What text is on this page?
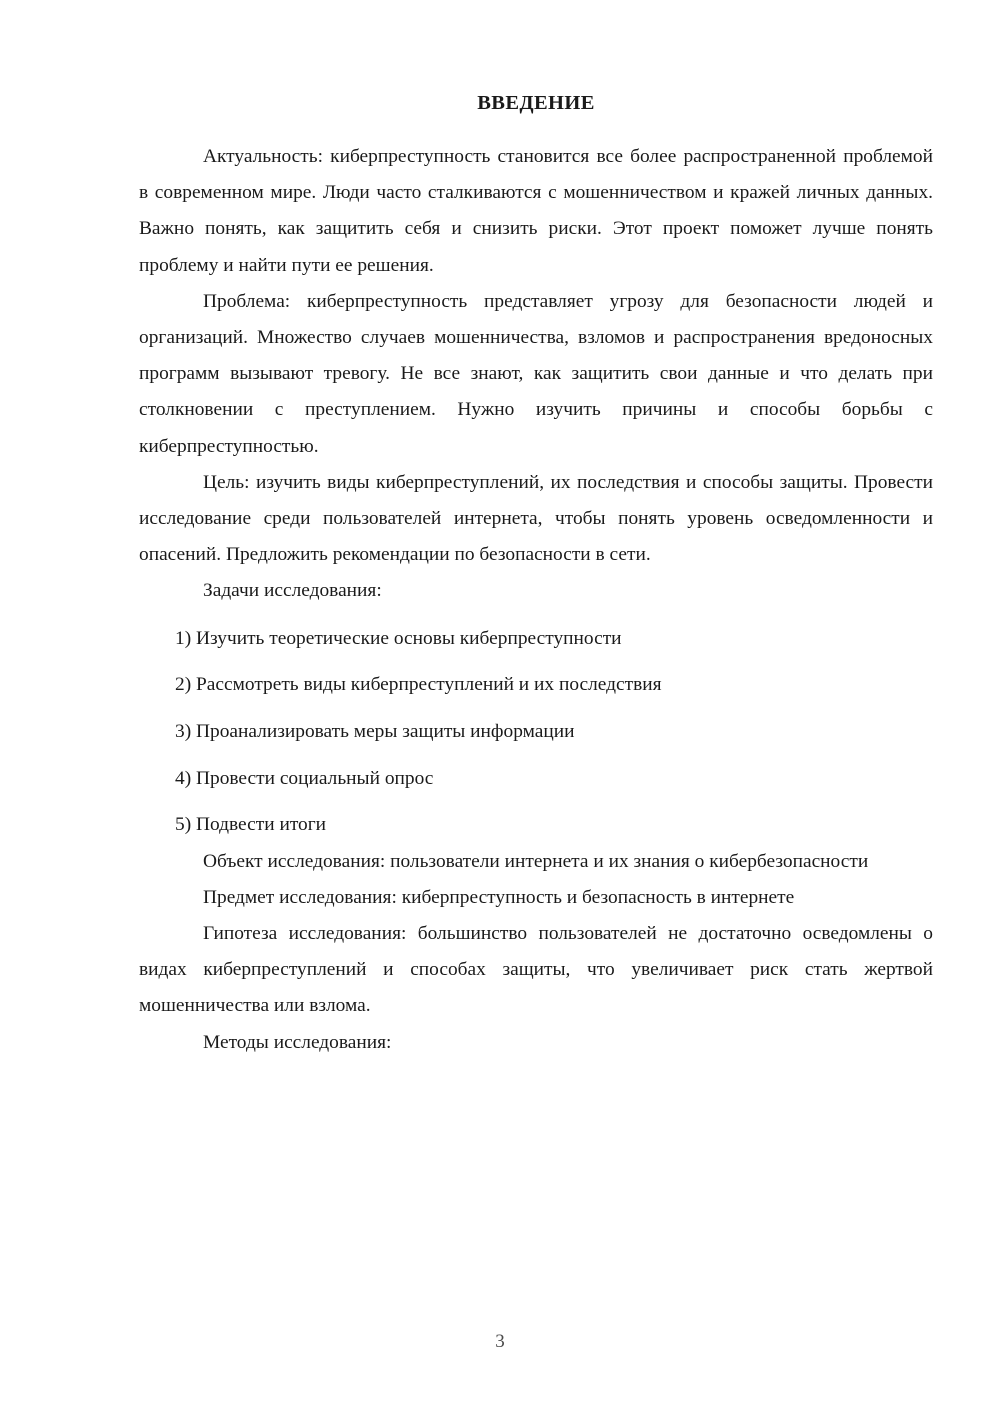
ВВЕДЕНИЕ

Актуальность: киберпреступность становится все более распространенной проблемой в современном мире. Люди часто сталкиваются с мошенничеством и кражей личных данных. Важно понять, как защитить себя и снизить риски. Этот проект поможет лучше понять проблему и найти пути ее решения.

Проблема: киберпреступность представляет угрозу для безопасности людей и организаций. Множество случаев мошенничества, взломов и распространения вредоносных программ вызывают тревогу. Не все знают, как защитить свои данные и что делать при столкновении с преступлением. Нужно изучить причины и способы борьбы с киберпреступностью.

Цель: изучить виды киберпреступлений, их последствия и способы защиты. Провести исследование среди пользователей интернета, чтобы понять уровень осведомленности и опасений. Предложить рекомендации по безопасности в сети.

Задачи исследования:

1) Изучить теоретические основы киберпреступности
2) Рассмотреть виды киберпреступлений и их последствия
3) Проанализировать меры защиты информации
4) Провести социальный опрос
5) Подвести итоги

Объект исследования: пользователи интернета и их знания о кибербезопасности

Предмет исследования: киберпреступность и безопасность в интернете

Гипотеза исследования: большинство пользователей не достаточно осведомлены о видах киберпреступлений и способах защиты, что увеличивает риск стать жертвой мошенничества или взлома.

Методы исследования:

3
